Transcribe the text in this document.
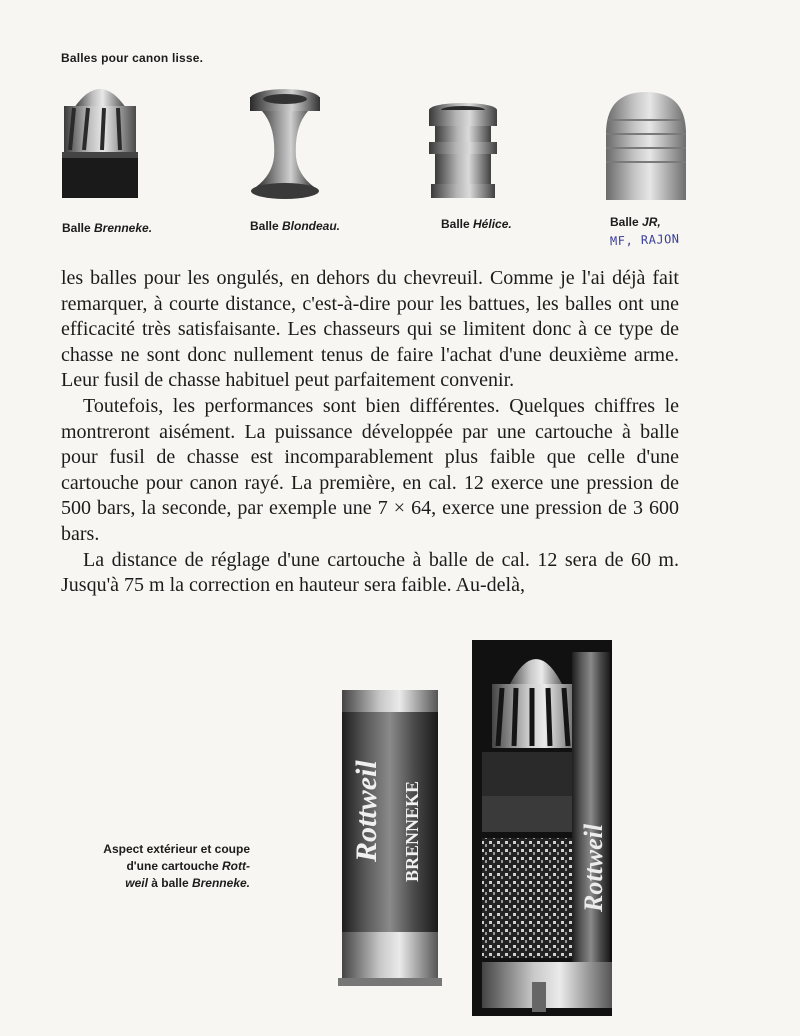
Balles pour canon lisse.
Balle Brenneke.	Balle Blondeau.	Balle Hélice.	Balle JR,
MF, RAJON

les balles pour les ongulés, en dehors du chevreuil. Comme je l'ai déjà fait remarquer, à courte distance, c'est-à-dire pour les battues, les balles ont une efficacité très satisfaisante. Les chasseurs qui se limitent donc à ce type de chasse ne sont donc nullement tenus de faire l'achat d'une deuxième arme. Leur fusil de chasse habituel peut parfaitement convenir.

Toutefois, les performances sont bien différentes. Quelques chiffres le montreront aisément. La puissance développée par une cartouche à balle pour fusil de chasse est incomparablement plus faible que celle d'une cartouche pour canon rayé. La première, en cal. 12 exerce une pression de 500 bars, la seconde, par exemple une 7 × 64, exerce une pression de 3 600 bars.

La distance de réglage d'une cartouche à balle de cal. 12 sera de 60 m. Jusqu'à 75 m la correction en hauteur sera faible. Au-delà,

Rottweil BRENNEKE	Rottweil
Aspect extérieur et coupe
d'une cartouche Rott-
weil à balle Brenneke.
